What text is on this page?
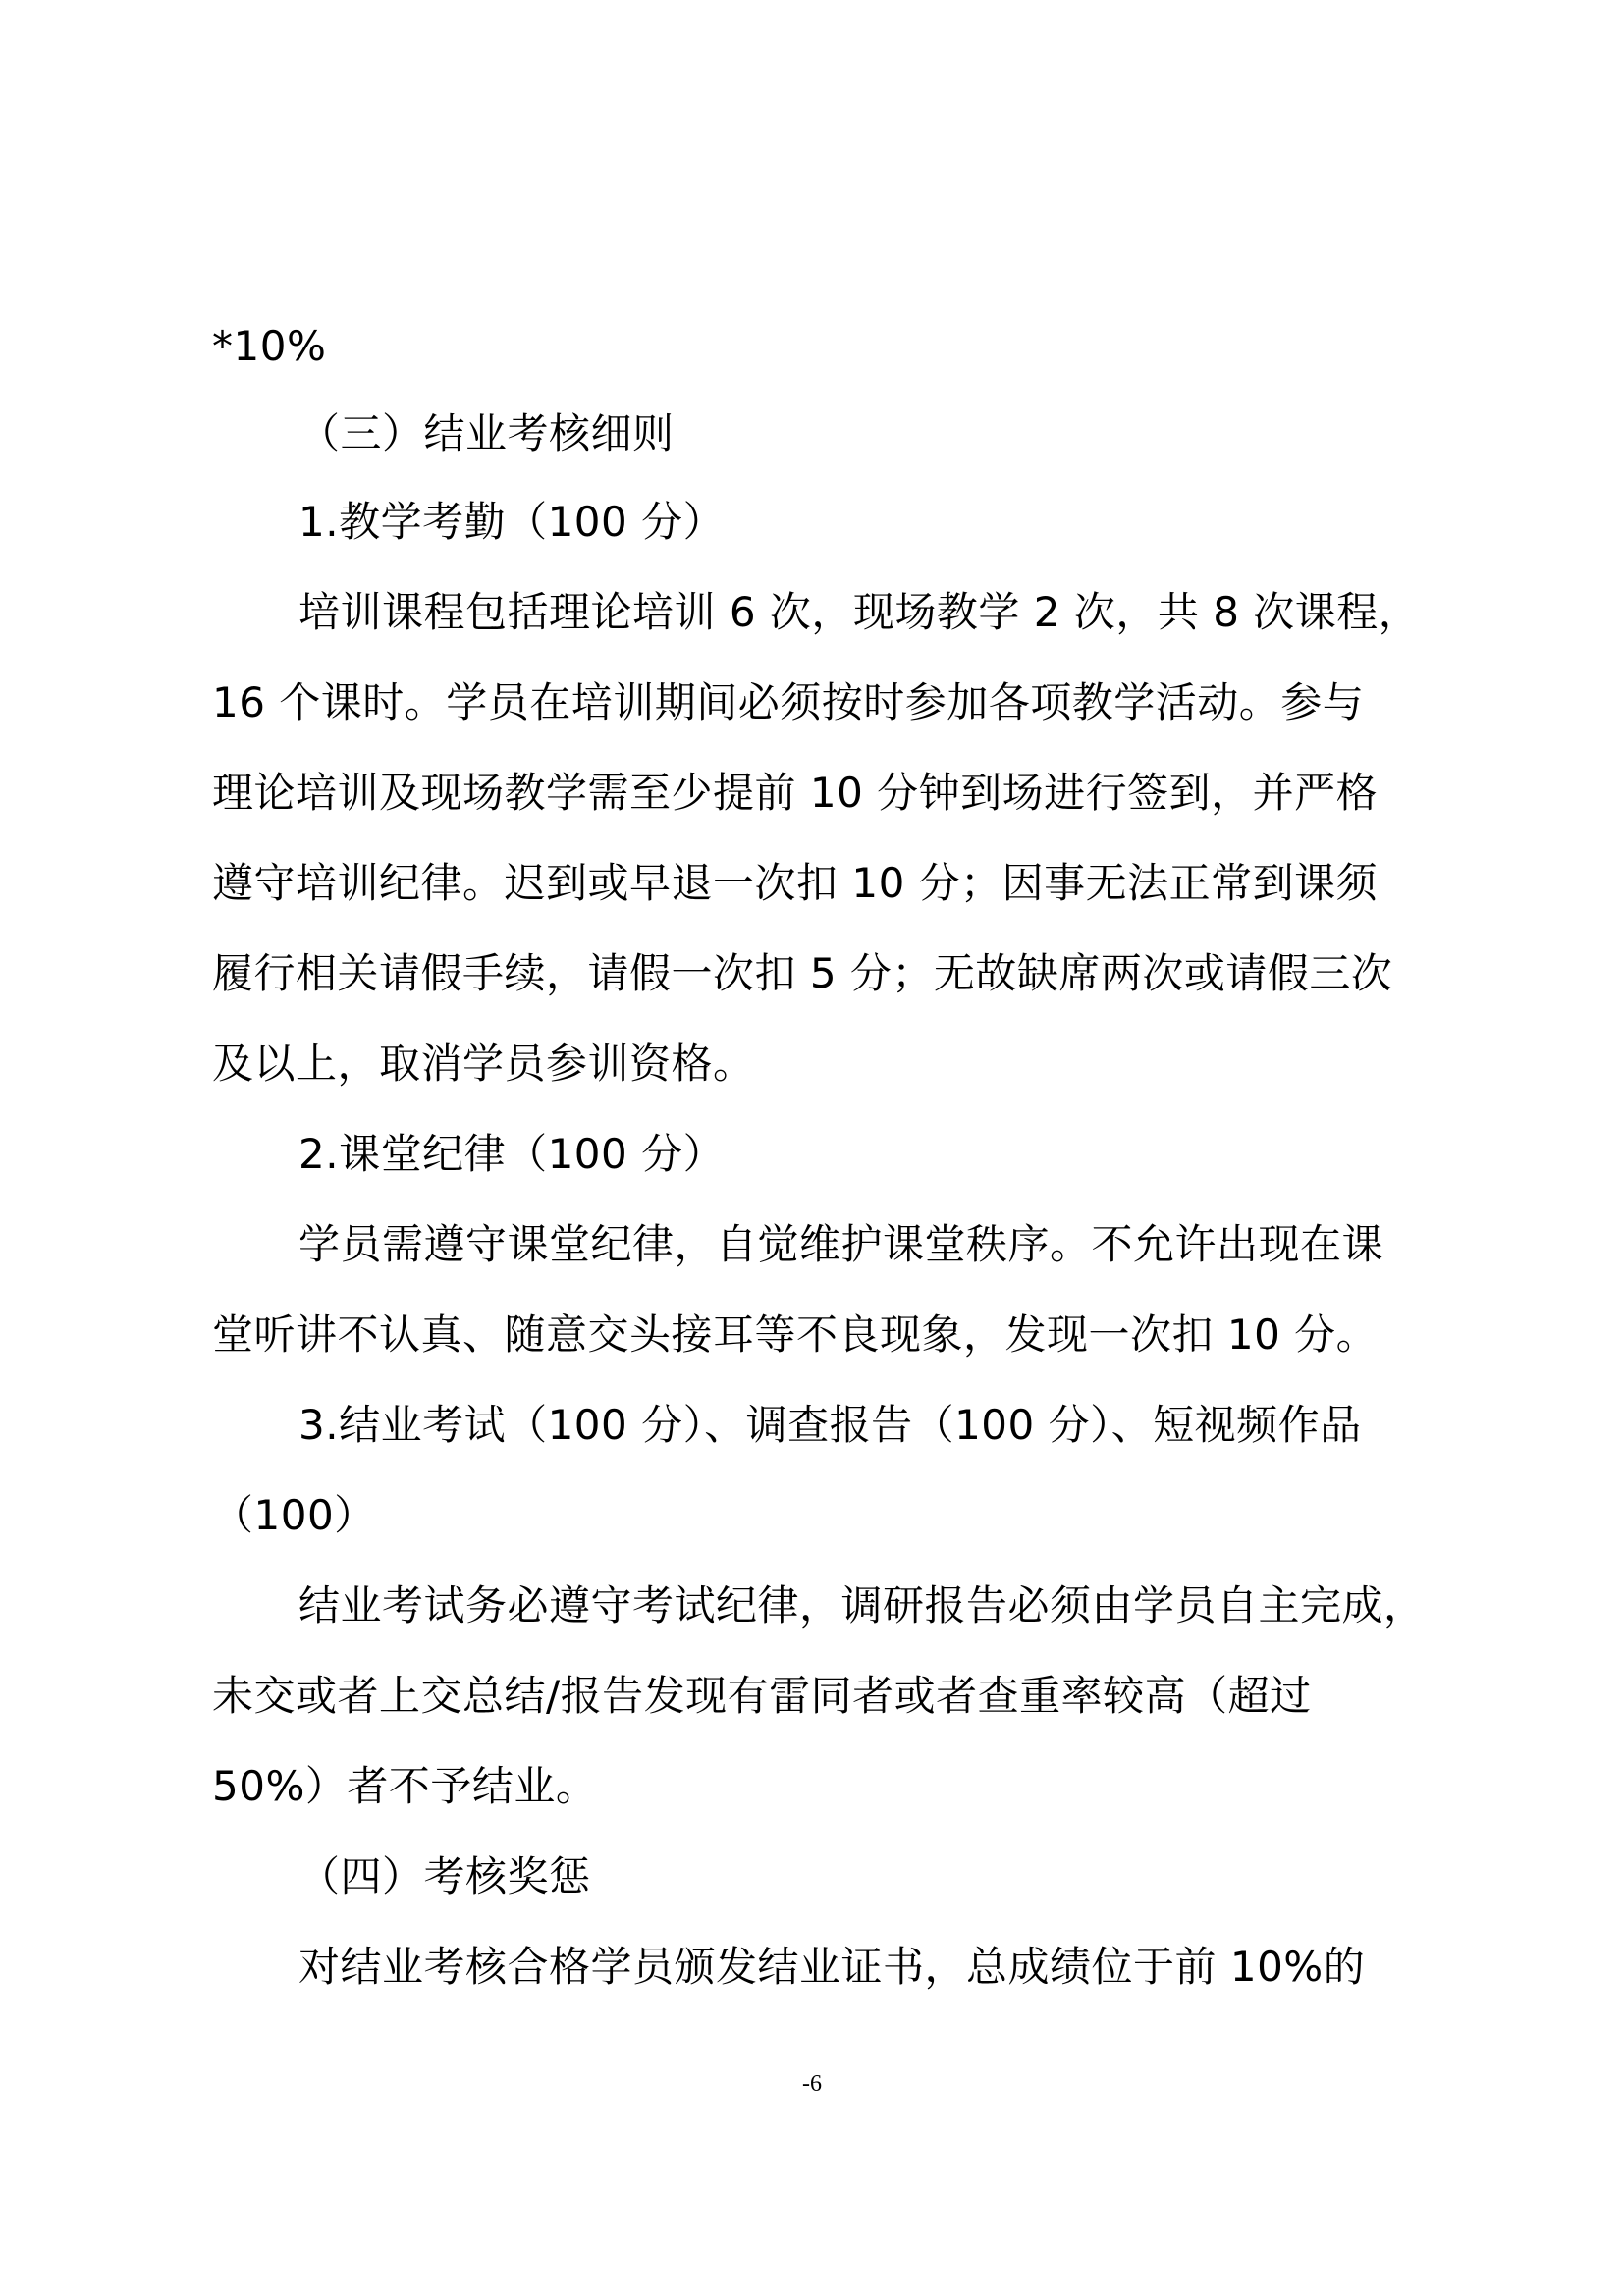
*10%
（三）结业考核细则
1.教学考勤（100 分）
培训课程包括理论培训 6 次，现场教学 2 次，共 8 次课程，
16 个课时。学员在培训期间必须按时参加各项教学活动。参与
理论培训及现场教学需至少提前 10 分钟到场进行签到，并严格
遵守培训纪律。迟到或早退一次扣 10 分；因事无法正常到课须
履行相关请假手续，请假一次扣 5 分；无故缺席两次或请假三次
及以上，取消学员参训资格。
2.课堂纪律（100 分）
学员需遵守课堂纪律，自觉维护课堂秩序。不允许出现在课
堂听讲不认真、随意交头接耳等不良现象，发现一次扣 10 分。
3.结业考试（100 分）、调查报告（100 分）、短视频作品
（100）
结业考试务必遵守考试纪律，调研报告必须由学员自主完成，
未交或者上交总结/报告发现有雷同者或者查重率较高（超过
50%）者不予结业。
（四）考核奖惩
对结业考核合格学员颁发结业证书，总成绩位于前 10%的
-6
